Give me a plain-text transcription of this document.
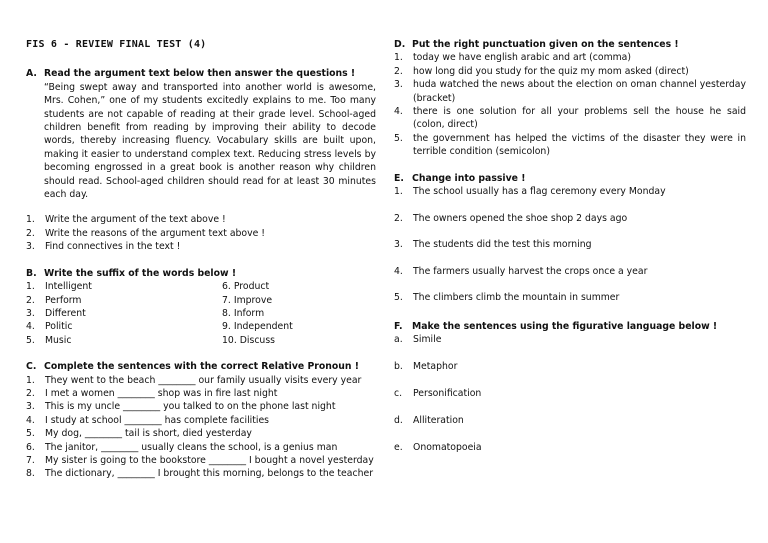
FIS 6 - REVIEW FINAL TEST (4)
A. Read the argument text below then answer the questions !
“Being swept away and transported into another world is awesome, Mrs. Cohen,” one of my students excitedly explains to me. Too many students are not capable of reading at their grade level. School-aged children benefit from reading by improving their ability to decode words, thereby increasing fluency. Vocabulary skills are built upon, making it easier to understand complex text. Reducing stress levels by becoming engrossed in a great book is another reason why children should read. School-aged children should read for at least 30 minutes each day.
1.	Write the argument of the text above !
2.	Write the reasons of the argument text above !
3.	Find connectives in the text !
B. Write the suffix of the words below !
1.	Intelligent	6. Product
2.	Perform	7. Improve
3.	Different	8. Inform
4.	Politic	9. Independent
5.	Music	10. Discuss
C. Complete the sentences with the correct Relative Pronoun !
1.	They went to the beach ________ our family usually visits every year
2.	I met a women ________ shop was in fire last night
3.	This is my uncle ________ you talked to on the phone last night
4.	I study at school ________ has complete facilities
5.	My dog, ________ tail is short, died yesterday
6.	The janitor, ________ usually cleans the school, is a genius man
7.	My sister is going to the bookstore ________ I bought a novel yesterday
8.	The dictionary, ________ I brought this morning, belongs to the teacher
D. Put the right punctuation given on the sentences !
1.	today we have english arabic and art (comma)
2.	how long did you study for the quiz my mom asked (direct)
3.	huda watched the news about the election on oman channel yesterday (bracket)
4.	there is one solution for all your problems sell the house he said (colon, direct)
5.	the government has helped the victims of the disaster they were in terrible condition (semicolon)
E. Change into passive !
1.	The school usually has a flag ceremony every Monday
2.	The owners opened the shoe shop 2 days ago
3.	The students did the test this morning
4.	The farmers usually harvest the crops once a year
5.	The climbers climb the mountain in summer
F.	Make the sentences using the figurative language below !
a.	Simile
b.	Metaphor
c.	Personification
d.	Alliteration
e.	Onomatopoeia
